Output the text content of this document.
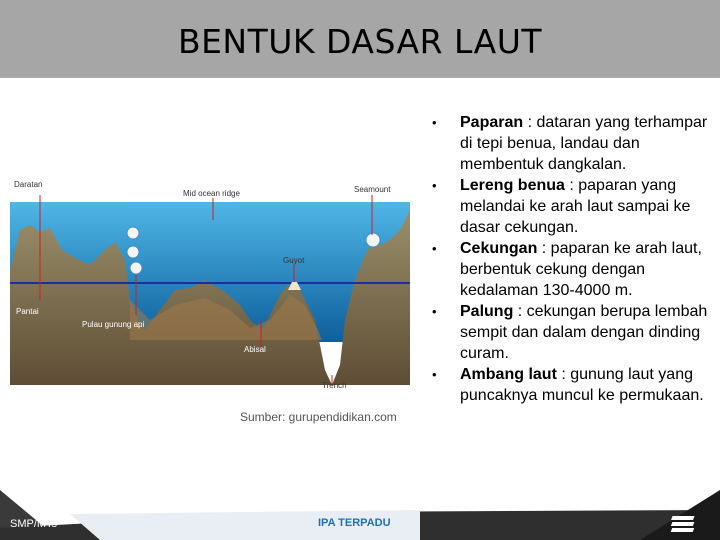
BENTUK DASAR LAUT
Daratan
Mid ocean ridge	Seamount
Guyot
Pantai
Pulau gunung api
Abisal
Trench
Sumber: gurupendidikan.com
• Paparan : dataran yang terhampar di tepi benua, landau dan membentuk dangkalan.
• Lereng benua : paparan yang melandai ke arah laut sampai ke dasar cekungan.
• Cekungan : paparan ke arah laut, berbentuk cekung dengan kedalaman 130-4000 m.
• Palung : cekungan berupa lembah sempit dan dalam dengan dinding curam.
• Ambang laut : gunung laut yang puncaknya muncul ke permukaan.
SMP/MTs	IPA TERPADU
